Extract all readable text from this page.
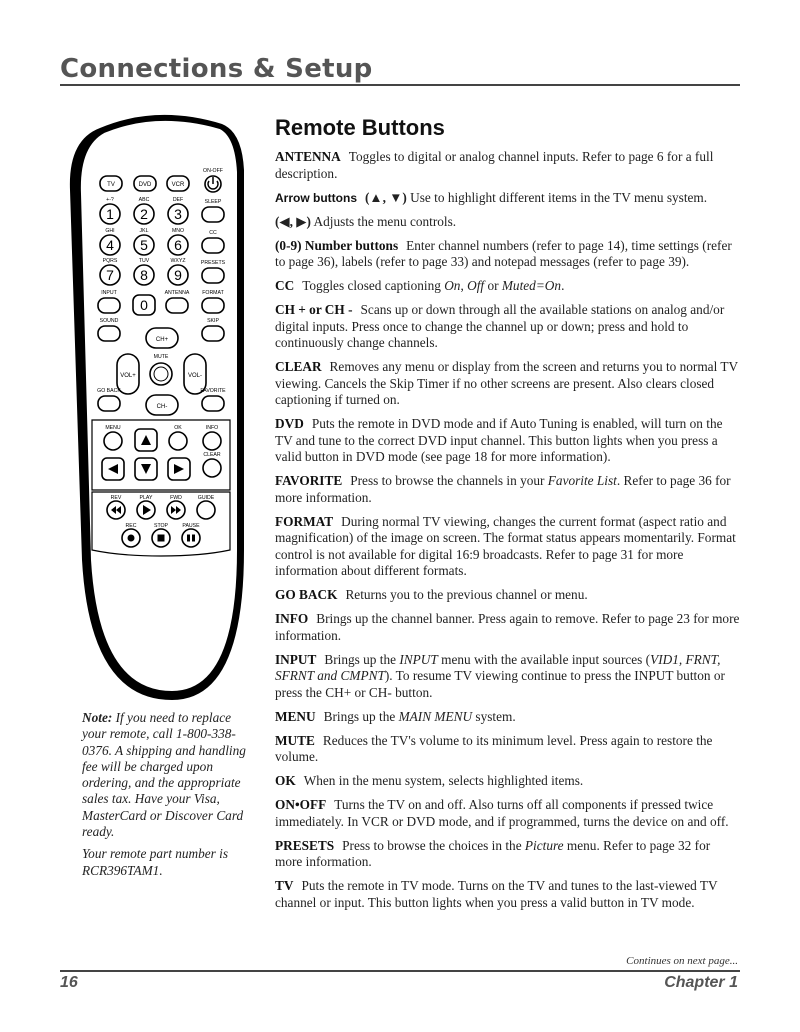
Connections & Setup
TV	DVD	VCR
1 2 3
4 5 6
7 8 9
0
CH+
CH-
VOL+	VOL-
ON-OFF
+-?	ABC	DEF	SLEEP
GHI	JKL	MNO	CC
PQRS	TUV	WXYZ	PRESETS
INPUT	ANTENNA FORMAT
SOUND	SKIP
MUTE
GO BACK	FAVORITE
MENU	OK	INFO
CLEAR
REV	PLAY	FWD	GUIDE
REC	STOP	PAUSE

Note: If you need to replace your remote, call 1-800-338-0376. A shipping and handling fee will be charged upon ordering, and the appropriate sales tax. Have your Visa, MasterCard or Discover Card ready.

Your remote part number is RCR396TAM1.

Remote Buttons
ANTENNA Toggles to digital or analog channel inputs. Refer to page 6 for a full description.
Arrow buttons (▲, ▼) Use to highlight different items in the TV menu system.
(◀, ▶) Adjusts the menu controls.
(0-9) Number buttons Enter channel numbers (refer to page 14), time settings (refer to page 36), labels (refer to page 33) and notepad messages (refer to page 39).
CC Toggles closed captioning On, Off or Muted=On.
CH + or CH - Scans up or down through all the available stations on analog and/or digital inputs. Press once to change the channel up or down; press and hold to continuously change channels.
CLEAR Removes any menu or display from the screen and returns you to normal TV viewing. Cancels the Skip Timer if no other screens are present. Also clears closed captioning if turned on.
DVD Puts the remote in DVD mode and if Auto Tuning is enabled, will turn on the TV and tune to the correct DVD input channel. This button lights when you press a valid button in DVD mode (see page 18 for more information).
FAVORITE Press to browse the channels in your Favorite List. Refer to page 36 for more information.
FORMAT During normal TV viewing, changes the current format (aspect ratio and magnification) of the image on screen. The format status appears momentarily. Format control is not available for digital 16:9 broadcasts. Refer to page 31 for more information about different formats.
GO BACK Returns you to the previous channel or menu.
INFO Brings up the channel banner. Press again to remove. Refer to page 23 for more information.
INPUT Brings up the INPUT menu with the available input sources (VID1, FRNT, SFRNT and CMPNT). To resume TV viewing continue to press the INPUT button or press the CH+ or CH- button.
MENU Brings up the MAIN MENU system.
MUTE Reduces the TV's volume to its minimum level. Press again to restore the volume.
OK When in the menu system, selects highlighted items.
ON•OFF Turns the TV on and off. Also turns off all components if pressed twice immediately. In VCR or DVD mode, and if programmed, turns the device on and off.
PRESETS Press to browse the choices in the Picture menu. Refer to page 32 for more information.
TV Puts the remote in TV mode. Turns on the TV and tunes to the last-viewed TV channel or input. This button lights when you press a valid button in TV mode.
Continues on next page...
16	Chapter 1
